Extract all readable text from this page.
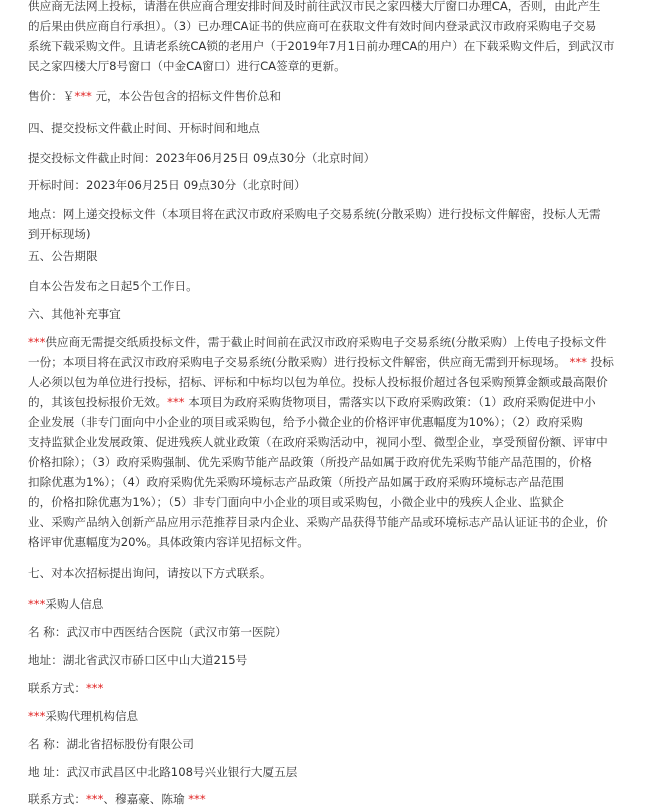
供应商无法网上投标，请潜在供应商合理安排时间及时前往武汉市民之家四楼大厅窗口办理CA，否则，由此产生
的后果由供应商自行承担）。（3）已办理CA证书的供应商可在获取文件有效时间内登录武汉市政府采购电子交易
系统下载采购文件。且请老系统CA锁的老用户（于2019年7月1日前办理CA的用户）在下载采购文件后，到武汉市
民之家四楼大厅8号窗口（中金CA窗口）进行CA签章的更新。
售价：￥*** 元，本公告包含的招标文件售价总和
四、提交投标文件截止时间、开标时间和地点
提交投标文件截止时间：2023年06月25日 09点30分（北京时间）
开标时间：2023年06月25日 09点30分（北京时间）
地点：网上递交投标文件（本项目将在武汉市政府采购电子交易系统(分散采购）进行投标文件解密，投标人无需
到开标现场)
五、公告期限
自本公告发布之日起5个工作日。
六、其他补充事宜
***供应商无需提交纸质投标文件，需于截止时间前在武汉市政府采购电子交易系统(分散采购）上传电子投标文件
一份；本项目将在武汉市政府采购电子交易系统(分散采购）进行投标文件解密，供应商无需到开标现场。 *** 投标
人必须以包为单位进行投标，招标、评标和中标均以包为单位。投标人投标报价超过各包采购预算金额或最高限价
的，其该包投标报价无效。*** 本项目为政府采购货物项目，需落实以下政府采购政策：（1）政府采购促进中小
企业发展（非专门面向中小企业的项目或采购包，给予小微企业的价格评审优惠幅度为10%）；（2）政府采购
支持监狱企业发展政策、促进残疾人就业政策（在政府采购活动中，视同小型、微型企业，享受预留份额、评审中
价格扣除）；（3）政府采购强制、优先采购节能产品政策（所投产品如属于政府优先采购节能产品范围的，价格
扣除优惠为1%）；（4）政府采购优先采购环境标志产品政策（所投产品如属于政府采购环境标志产品范围
的，价格扣除优惠为1%）；（5）非专门面向中小企业的项目或采购包，小微企业中的残疾人企业、监狱企
业、采购产品纳入创新产品应用示范推荐目录内企业、采购产品获得节能产品或环境标志产品认证证书的企业，价
格评审优惠幅度为20%。具体政策内容详见招标文件。
七、对本次招标提出询问，请按以下方式联系。
***采购人信息
名 称：武汉市中西医结合医院（武汉市第一医院）
地址：湖北省武汉市硚口区中山大道215号
联系方式：***
***采购代理机构信息
名 称：湖北省招标股份有限公司
地 址：武汉市武昌区中北路108号兴业银行大厦五层
联系方式：***、穆嘉豪、陈瑜 ***
